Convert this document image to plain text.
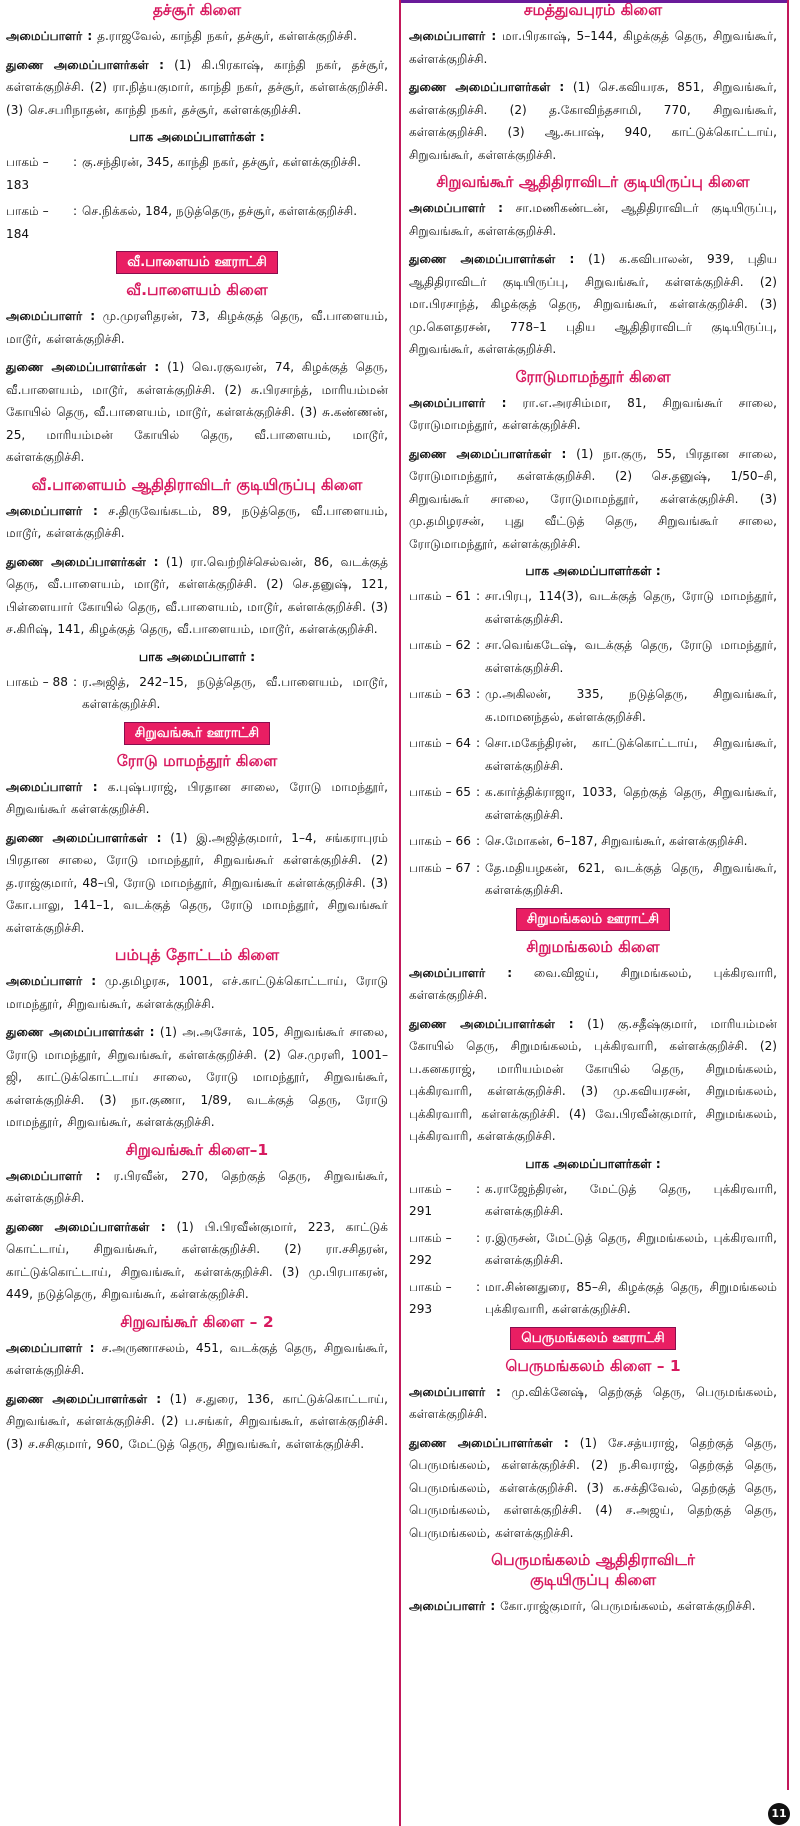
தச்சூர் கிளை

அமைப்பாளர் : த.ராஜவேல், காந்தி நகர், தச்சூர், கள்ளக்குறிச்சி.

துணை அமைப்பாளர்கள் : (1) கி.பிரகாஷ், காந்தி நகர், தச்சூர், கள்ளக்குறிச்சி. (2) ரா.நித்யகுமார், காந்தி நகர், தச்சூர், கள்ளக்குறிச்சி. (3) செ.சபரிநாதன், காந்தி நகர், தச்சூர், கள்ளக்குறிச்சி.

பாக அமைப்பாளர்கள் :
பாகம் – 183
: கு.சந்திரன், 345, காந்தி நகர், தச்சூர், கள்ளக்குறிச்சி.
பாகம் – 184
: செ.நிக்கல், 184, நடுத்தெரு, தச்சூர், கள்ளக்குறிச்சி.
வீ.பாளையம் ஊராட்சி
வீ.பாளையம் கிளை

அமைப்பாளர் : மு.முரளிதரன், 73, கிழக்குத் தெரு, வீ.பாளையம், மாடூர், கள்ளக்குறிச்சி.

துணை அமைப்பாளர்கள் : (1) வெ.ரகுவரன், 74, கிழக்குத் தெரு, வீ.பாளையம், மாடூர், கள்ளக்குறிச்சி. (2) சு.பிரசாந்த், மாரியம்மன் கோயில் தெரு, வீ.பாளையம், மாடூர், கள்ளக்குறிச்சி. (3) சு.கண்ணன், 25, மாரியம்மன் கோயில் தெரு, வீ.பாளையம், மாடூர், கள்ளக்குறிச்சி.

வீ.பாளையம் ஆதிதிராவிடர் குடியிருப்பு கிளை

அமைப்பாளர் : ச.திருவேங்கடம், 89, நடுத்தெரு, வீ.பாளையம், மாடூர், கள்ளக்குறிச்சி.

துணை அமைப்பாளர்கள் : (1) ரா.வெற்றிச்செல்வன், 86, வடக்குத் தெரு, வீ.பாளையம், மாடூர், கள்ளக்குறிச்சி. (2) செ.தனுஷ், 121, பிள்ளையார் கோயில் தெரு, வீ.பாளையம், மாடூர், கள்ளக்குறிச்சி. (3) ச.கிரிஷ், 141, கிழக்குத் தெரு, வீ.பாளையம், மாடூர், கள்ளக்குறிச்சி.

பாக அமைப்பாளர் :
பாகம் – 88 : ர.அஜித், 242–15, நடுத்தெரு, வீ.பாளையம், மாடூர், கள்ளக்குறிச்சி.
சிறுவங்கூர் ஊராட்சி
ரோடு மாமந்தூர் கிளை

அமைப்பாளர் : க.புஷ்பராஜ், பிரதான சாலை, ரோடு மாமந்தூர், சிறுவங்கூர் கள்ளக்குறிச்சி.

துணை அமைப்பாளர்கள் : (1) இ.அஜித்குமார், 1–4, சங்கராபுரம் பிரதான சாலை, ரோடு மாமந்தூர், சிறுவங்கூர் கள்ளக்குறிச்சி. (2) த.ராஜ்குமார், 48–பி, ரோடு மாமந்தூர், சிறுவங்கூர் கள்ளக்குறிச்சி. (3) கோ.பாலு, 141–1, வடக்குத் தெரு, ரோடு மாமந்தூர், சிறுவங்கூர் கள்ளக்குறிச்சி.

பம்புத் தோட்டம் கிளை

அமைப்பாளர் : மு.தமிழரசு, 1001, எச்.காட்டுக்கொட்டாய், ரோடு மாமந்தூர், சிறுவங்கூர், கள்ளக்குறிச்சி.

துணை அமைப்பாளர்கள் : (1) அ.அசோக், 105, சிறுவங்கூர் சாலை, ரோடு மாமந்தூர், சிறுவங்கூர், கள்ளக்குறிச்சி. (2) செ.முரளி, 1001–ஜி, காட்டுக்கொட்டாய் சாலை, ரோடு மாமந்தூர், சிறுவங்கூர், கள்ளக்குறிச்சி. (3) நா.குணா, 1/89, வடக்குத் தெரு, ரோடு மாமந்தூர், சிறுவங்கூர், கள்ளக்குறிச்சி.

சிறுவங்கூர் கிளை–1

அமைப்பாளர் : ர.பிரவீன், 270, தெற்குத் தெரு, சிறுவங்கூர், கள்ளக்குறிச்சி.

துணை அமைப்பாளர்கள் : (1) பி.பிரவீன்குமார், 223, காட்டுக் கொட்டாய், சிறுவங்கூர், கள்ளக்குறிச்சி. (2) ரா.சசிதரன், காட்டுக்கொட்டாய், சிறுவங்கூர், கள்ளக்குறிச்சி. (3) மு.பிரபாகரன், 449, நடுத்தெரு, சிறுவங்கூர், கள்ளக்குறிச்சி.

சிறுவங்கூர் கிளை – 2

அமைப்பாளர் : ச.அருணாசலம், 451, வடக்குத் தெரு, சிறுவங்கூர், கள்ளக்குறிச்சி.

துணை அமைப்பாளர்கள் : (1) ச.துரை, 136, காட்டுக்கொட்டாய், சிறுவங்கூர், கள்ளக்குறிச்சி. (2) ப.சங்கர், சிறுவங்கூர், கள்ளக்குறிச்சி. (3) ச.சசிகுமார், 960, மேட்டுத் தெரு, சிறுவங்கூர், கள்ளக்குறிச்சி.

சமத்துவபுரம் கிளை

அமைப்பாளர் : மா.பிரகாஷ், 5–144, கிழக்குத் தெரு, சிறுவங்கூர், கள்ளக்குறிச்சி.

துணை அமைப்பாளர்கள் : (1) செ.கவியரசு, 851, சிறுவங்கூர், கள்ளக்குறிச்சி. (2) த.கோவிந்தசாமி, 770, சிறுவங்கூர், கள்ளக்குறிச்சி. (3) ஆ.சுபாஷ், 940, காட்டுக்கொட்டாய், சிறுவங்கூர், கள்ளக்குறிச்சி.

சிறுவங்கூர் ஆதிதிராவிடர் குடியிருப்பு கிளை

அமைப்பாளர் : சா.மணிகண்டன், ஆதிதிராவிடர் குடியிருப்பு, சிறுவங்கூர், கள்ளக்குறிச்சி.

துணை அமைப்பாளர்கள் : (1) க.கவிபாலன், 939, புதிய ஆதிதிராவிடர் குடியிருப்பு, சிறுவங்கூர், கள்ளக்குறிச்சி. (2) மா.பிரசாந்த், கிழக்குத் தெரு, சிறுவங்கூர், கள்ளக்குறிச்சி. (3) மு.கௌதரசன், 778–1 புதிய ஆதிதிராவிடர் குடியிருப்பு, சிறுவங்கூர், கள்ளக்குறிச்சி.

ரோடுமாமந்தூர் கிளை

அமைப்பாளர் : ரா.எ.அரசிம்மா, 81, சிறுவங்கூர் சாலை, ரோடுமாமந்தூர், கள்ளக்குறிச்சி.

துணை அமைப்பாளர்கள் : (1) நா.குரு, 55, பிரதான சாலை, ரோடுமாமந்தூர், கள்ளக்குறிச்சி. (2) செ.தனுஷ், 1/50–சி, சிறுவங்கூர் சாலை, ரோடுமாமந்தூர், கள்ளக்குறிச்சி. (3) மு.தமிழரசன், புது வீட்டுத் தெரு, சிறுவங்கூர் சாலை, ரோடுமாமந்தூர், கள்ளக்குறிச்சி.

பாக அமைப்பாளர்கள் :
பாகம் – 61 : சா.பிரபு, 114(3), வடக்குத் தெரு, ரோடு மாமந்தூர், கள்ளக்குறிச்சி.
பாகம் – 62 : சா.வெங்கடேஷ், வடக்குத் தெரு, ரோடு மாமந்தூர், கள்ளக்குறிச்சி.
பாகம் – 63 : மு.அகிலன், 335, நடுத்தெரு, சிறுவங்கூர், க.மாமனந்தல், கள்ளக்குறிச்சி.
பாகம் – 64 : சொ.மகேந்திரன், காட்டுக்கொட்டாய், சிறுவங்கூர், கள்ளக்குறிச்சி.
பாகம் – 65 : க.கார்த்திக்ராஜா, 1033, தெற்குத் தெரு, சிறுவங்கூர், கள்ளக்குறிச்சி.
பாகம் – 66 : செ.மோகன், 6–187, சிறுவங்கூர், கள்ளக்குறிச்சி.
பாகம் – 67 : தே.மதியழகன், 621, வடக்குத் தெரு, சிறுவங்கூர், கள்ளக்குறிச்சி.
சிறுமங்கலம் ஊராட்சி
சிறுமங்கலம் கிளை

அமைப்பாளர் : வை.விஜய், சிறுமங்கலம், புக்கிரவாரி, கள்ளக்குறிச்சி.

துணை அமைப்பாளர்கள் : (1) கு.சதீஷ்குமார், மாரியம்மன் கோயில் தெரு, சிறுமங்கலம், புக்கிரவாரி, கள்ளக்குறிச்சி. (2) ப.கனகராஜ், மாரியம்மன் கோயில் தெரு, சிறுமங்கலம், புக்கிரவாரி, கள்ளக்குறிச்சி. (3) மு.கவியரசன், சிறுமங்கலம், புக்கிரவாரி, கள்ளக்குறிச்சி. (4) வே.பிரவீன்குமார், சிறுமங்கலம், புக்கிரவாரி, கள்ளக்குறிச்சி.

பாக அமைப்பாளர்கள் :
பாகம் – 291
: க.ராஜேந்திரன், மேட்டுத் தெரு, புக்கிரவாரி, கள்ளக்குறிச்சி.
பாகம் – 292
: ர.இருசன், மேட்டுத் தெரு, சிறுமங்கலம், புக்கிரவாரி, கள்ளக்குறிச்சி.
பாகம் – 293
: மா.சின்னதுரை, 85–சி, கிழக்குத் தெரு, சிறுமங்கலம் புக்கிரவாரி, கள்ளக்குறிச்சி.
பெருமங்கலம் ஊராட்சி
பெருமங்கலம் கிளை – 1

அமைப்பாளர் : மு.விக்னேஷ், தெற்குத் தெரு, பெருமங்கலம், கள்ளக்குறிச்சி.

துணை அமைப்பாளர்கள் : (1) சே.சத்யராஜ், தெற்குத் தெரு, பெருமங்கலம், கள்ளக்குறிச்சி. (2) ந.சிவராஜ், தெற்குத் தெரு, பெருமங்கலம், கள்ளக்குறிச்சி. (3) க.சக்திவேல், தெற்குத் தெரு, பெருமங்கலம், கள்ளக்குறிச்சி. (4) ச.அஜய், தெற்குத் தெரு, பெருமங்கலம், கள்ளக்குறிச்சி.

பெருமங்கலம் ஆதிதிராவிடர்
குடியிருப்பு கிளை

அமைப்பாளர் : கோ.ராஜ்குமார், பெருமங்கலம், கள்ளக்குறிச்சி.

11
